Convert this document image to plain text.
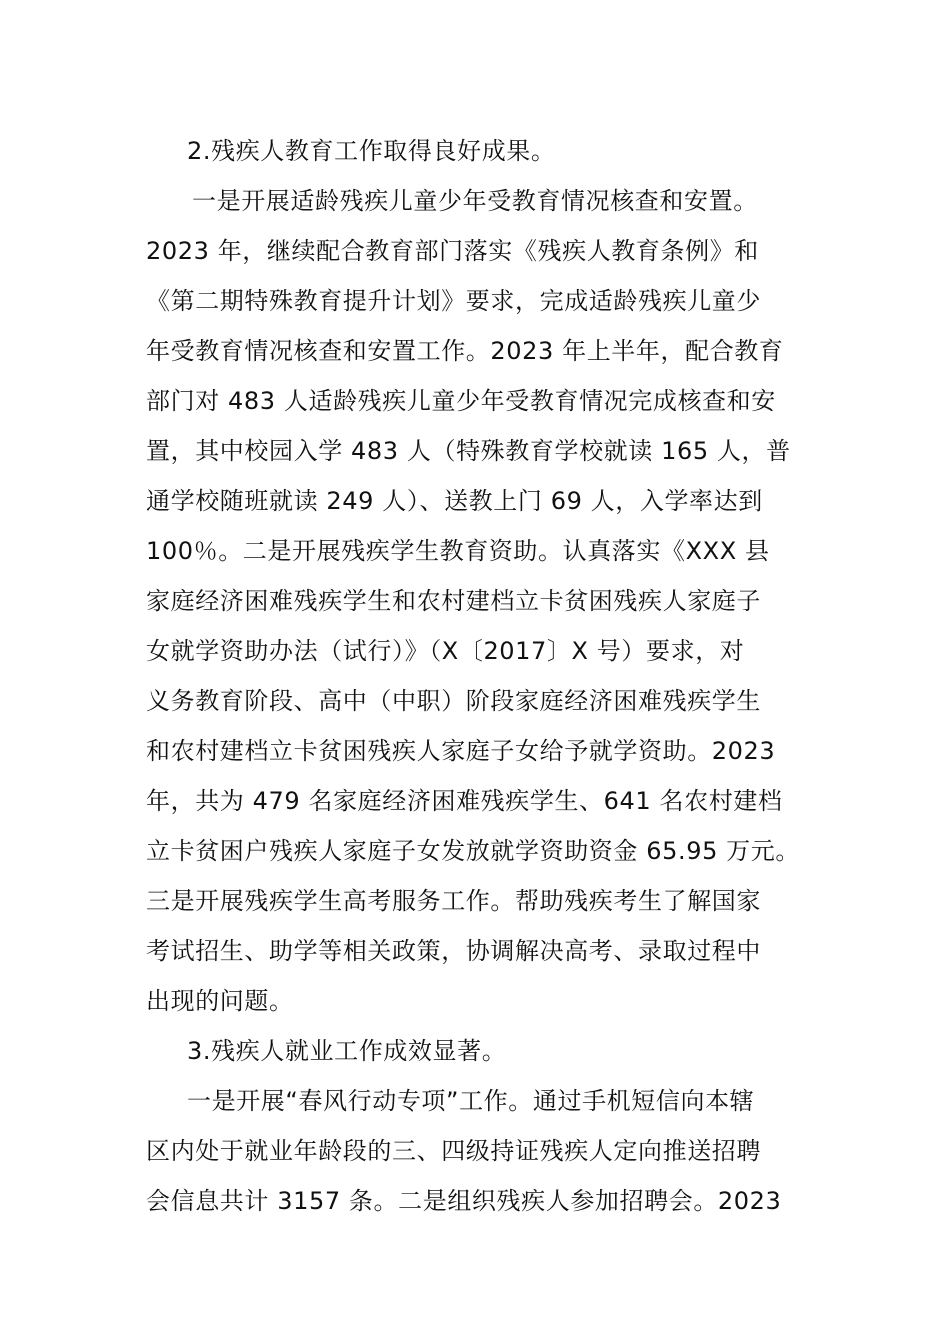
2.残疾人教育工作取得良好成果。
一是开展适龄残疾儿童少年受教育情况核查和安置。
2023 年，继续配合教育部门落实《残疾人教育条例》和
《第二期特殊教育提升计划》要求，完成适龄残疾儿童少
年受教育情况核查和安置工作。2023 年上半年，配合教育
部门对 483 人适龄残疾儿童少年受教育情况完成核查和安
置，其中校园入学 483 人（特殊教育学校就读 165 人，普
通学校随班就读 249 人）、送教上门 69 人，入学率达到
100％。二是开展残疾学生教育资助。认真落实《XXX 县
家庭经济困难残疾学生和农村建档立卡贫困残疾人家庭子
女就学资助办法（试行）》（X〔2017〕X 号）要求，对
义务教育阶段、高中（中职）阶段家庭经济困难残疾学生
和农村建档立卡贫困残疾人家庭子女给予就学资助。2023
年，共为 479 名家庭经济困难残疾学生、641 名农村建档
立卡贫困户残疾人家庭子女发放就学资助资金 65.95 万元。
三是开展残疾学生高考服务工作。帮助残疾考生了解国家
考试招生、助学等相关政策，协调解决高考、录取过程中
出现的问题。
3.残疾人就业工作成效显著。
一是开展“春风行动专项”工作。通过手机短信向本辖
区内处于就业年龄段的三、四级持证残疾人定向推送招聘
会信息共计 3157 条。二是组织残疾人参加招聘会。2023
